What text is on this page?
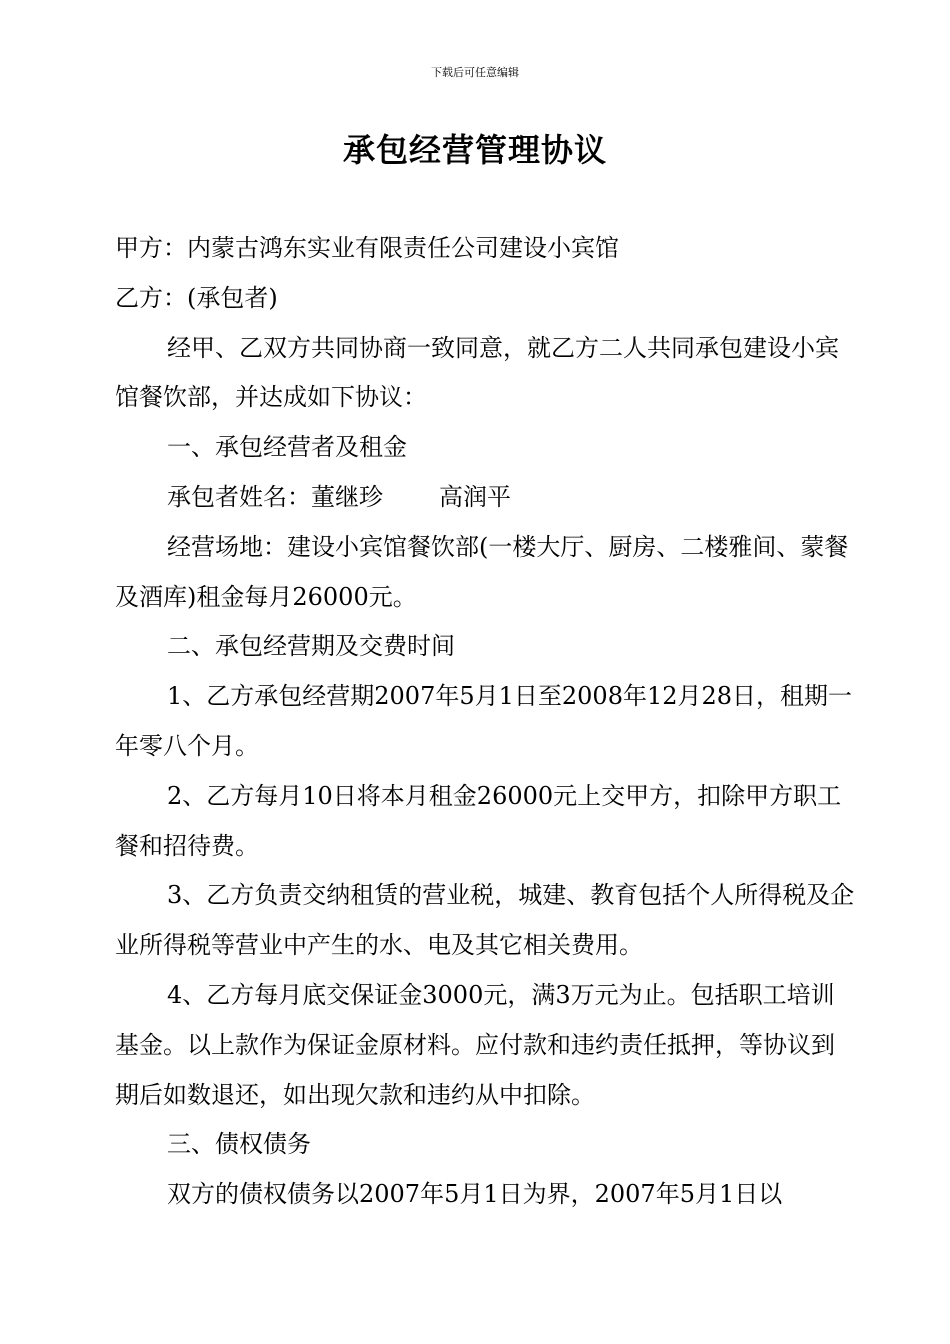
下载后可任意编辑
承包经营管理协议

甲方：内蒙古鸿东实业有限责任公司建设小宾馆

乙方：(承包者)

经甲、乙双方共同协商一致同意，就乙方二人共同承包建设小宾馆餐饮部，并达成如下协议：

一、承包经营者及租金

承包者姓名：董继珍 高润平

经营场地：建设小宾馆餐饮部(一楼大厅、厨房、二楼雅间、蒙餐及酒库)租金每月26000元。

二、承包经营期及交费时间

1、乙方承包经营期2007年5月1日至2008年12月28日，租期一年零八个月。

2、乙方每月10日将本月租金26000元上交甲方，扣除甲方职工餐和招待费。

3、乙方负责交纳租赁的营业税，城建、教育包括个人所得税及企业所得税等营业中产生的水、电及其它相关费用。

4、乙方每月底交保证金3000元，满3万元为止。包括职工培训基金。以上款作为保证金原材料。应付款和违约责任抵押，等协议到期后如数退还，如出现欠款和违约从中扣除。

三、债权债务

双方的债权债务以2007年5月1日为界，2007年5月1日以
